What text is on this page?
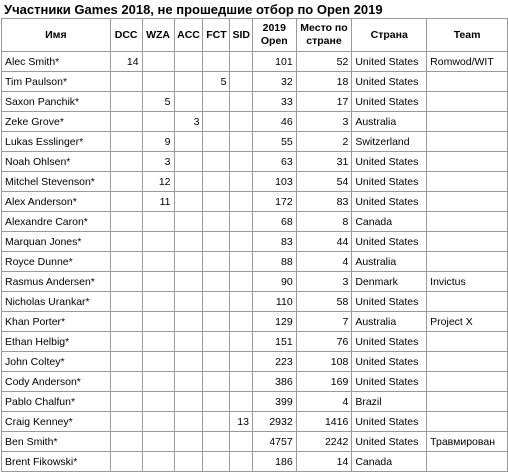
Участники Games 2018, не прошедшие отбор по Open 2019
Имя	DCC	WZA	ACC	FCT	SID	2019 Open	Место по стране	Страна	Team
Alec Smith*	14					101	52	United States	Romwod/WIT
Tim Paulson*				5		32	18	United States	
Saxon Panchik*		5				33	17	United States	
Zeke Grove*			3			46	3	Australia	
Lukas Esslinger*		9				55	2	Switzerland	
Noah Ohlsen*		3				63	31	United States	
Mitchel Stevenson*		12				103	54	United States	
Alex Anderson*		11				172	83	United States	
Alexandre Caron*						68	8	Canada	
Marquan Jones*						83	44	United States	
Royce Dunne*						88	4	Australia	
Rasmus Andersen*						90	3	Denmark	Invictus
Nicholas Urankar*						110	58	United States	
Khan Porter*						129	7	Australia	Project X
Ethan Helbig*						151	76	United States	
John Coltey*						223	108	United States	
Cody Anderson*						386	169	United States	
Pablo Chalfun*						399	4	Brazil	
Craig Kenney*					13	2932	1416	United States	
Ben Smith*						4757	2242	United States	Травмирован
Brent Fikowski*						186	14	Canada	
